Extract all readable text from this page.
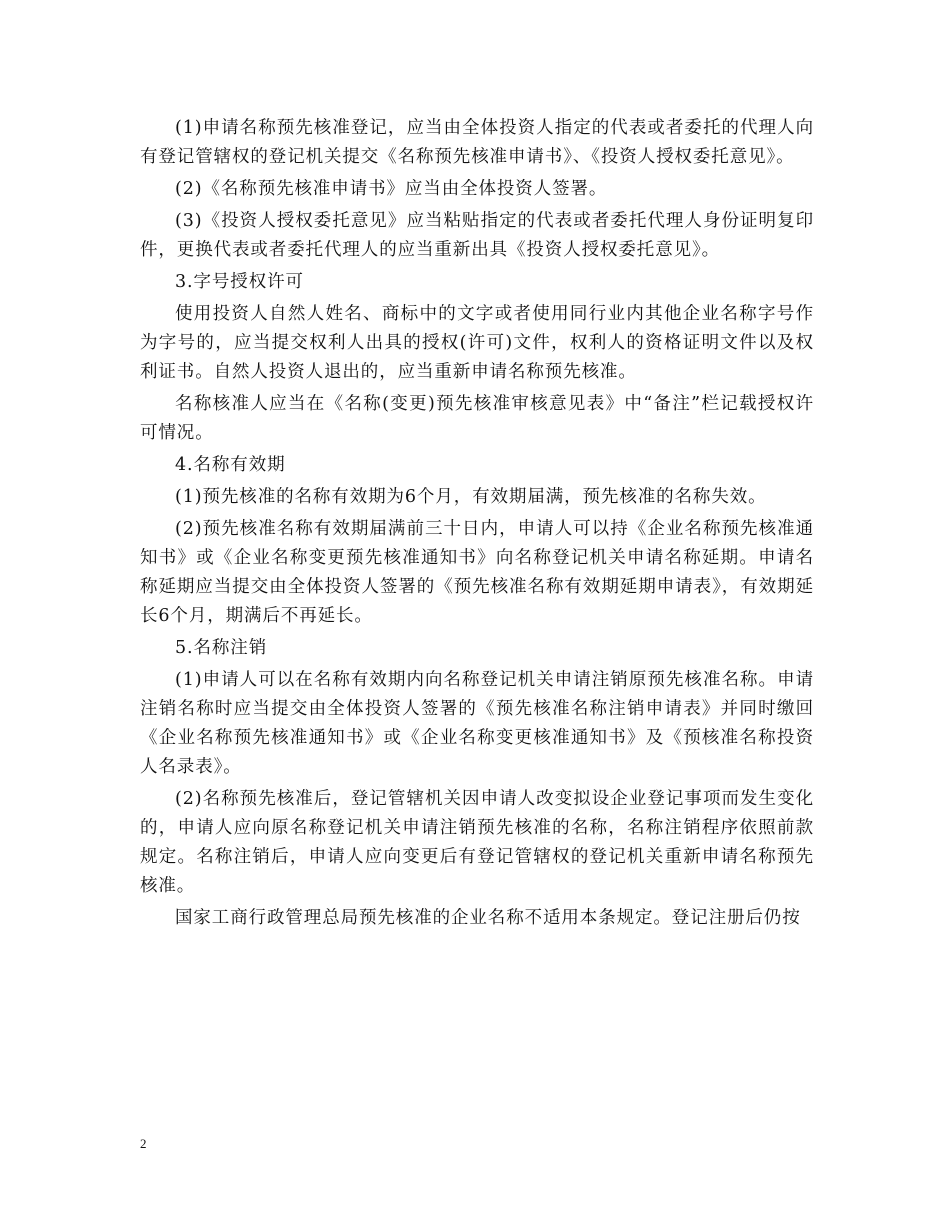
(1)申请名称预先核准登记，应当由全体投资人指定的代表或者委托的代理人向有登记管辖权的登记机关提交《名称预先核准申请书》、《投资人授权委托意见》。

(2)《名称预先核准申请书》应当由全体投资人签署。

(3)《投资人授权委托意见》应当粘贴指定的代表或者委托代理人身份证明复印件，更换代表或者委托代理人的应当重新出具《投资人授权委托意见》。

3.字号授权许可

使用投资人自然人姓名、商标中的文字或者使用同行业内其他企业名称字号作为字号的，应当提交权利人出具的授权(许可)文件，权利人的资格证明文件以及权利证书。自然人投资人退出的，应当重新申请名称预先核准。

名称核准人应当在《名称(变更)预先核准审核意见表》中“备注”栏记载授权许可情况。

4.名称有效期

(1)预先核准的名称有效期为6个月，有效期届满，预先核准的名称失效。

(2)预先核准名称有效期届满前三十日内，申请人可以持《企业名称预先核准通知书》或《企业名称变更预先核准通知书》向名称登记机关申请名称延期。申请名称延期应当提交由全体投资人签署的《预先核准名称有效期延期申请表》，有效期延长6个月，期满后不再延长。

5.名称注销

(1)申请人可以在名称有效期内向名称登记机关申请注销原预先核准名称。申请注销名称时应当提交由全体投资人签署的《预先核准名称注销申请表》并同时缴回《企业名称预先核准通知书》或《企业名称变更核准通知书》及《预核准名称投资人名录表》。

(2)名称预先核准后，登记管辖机关因申请人改变拟设企业登记事项而发生变化的，申请人应向原名称登记机关申请注销预先核准的名称，名称注销程序依照前款规定。名称注销后，申请人应向变更后有登记管辖权的登记机关重新申请名称预先核准。

国家工商行政管理总局预先核准的企业名称不适用本条规定。登记注册后仍按

2
